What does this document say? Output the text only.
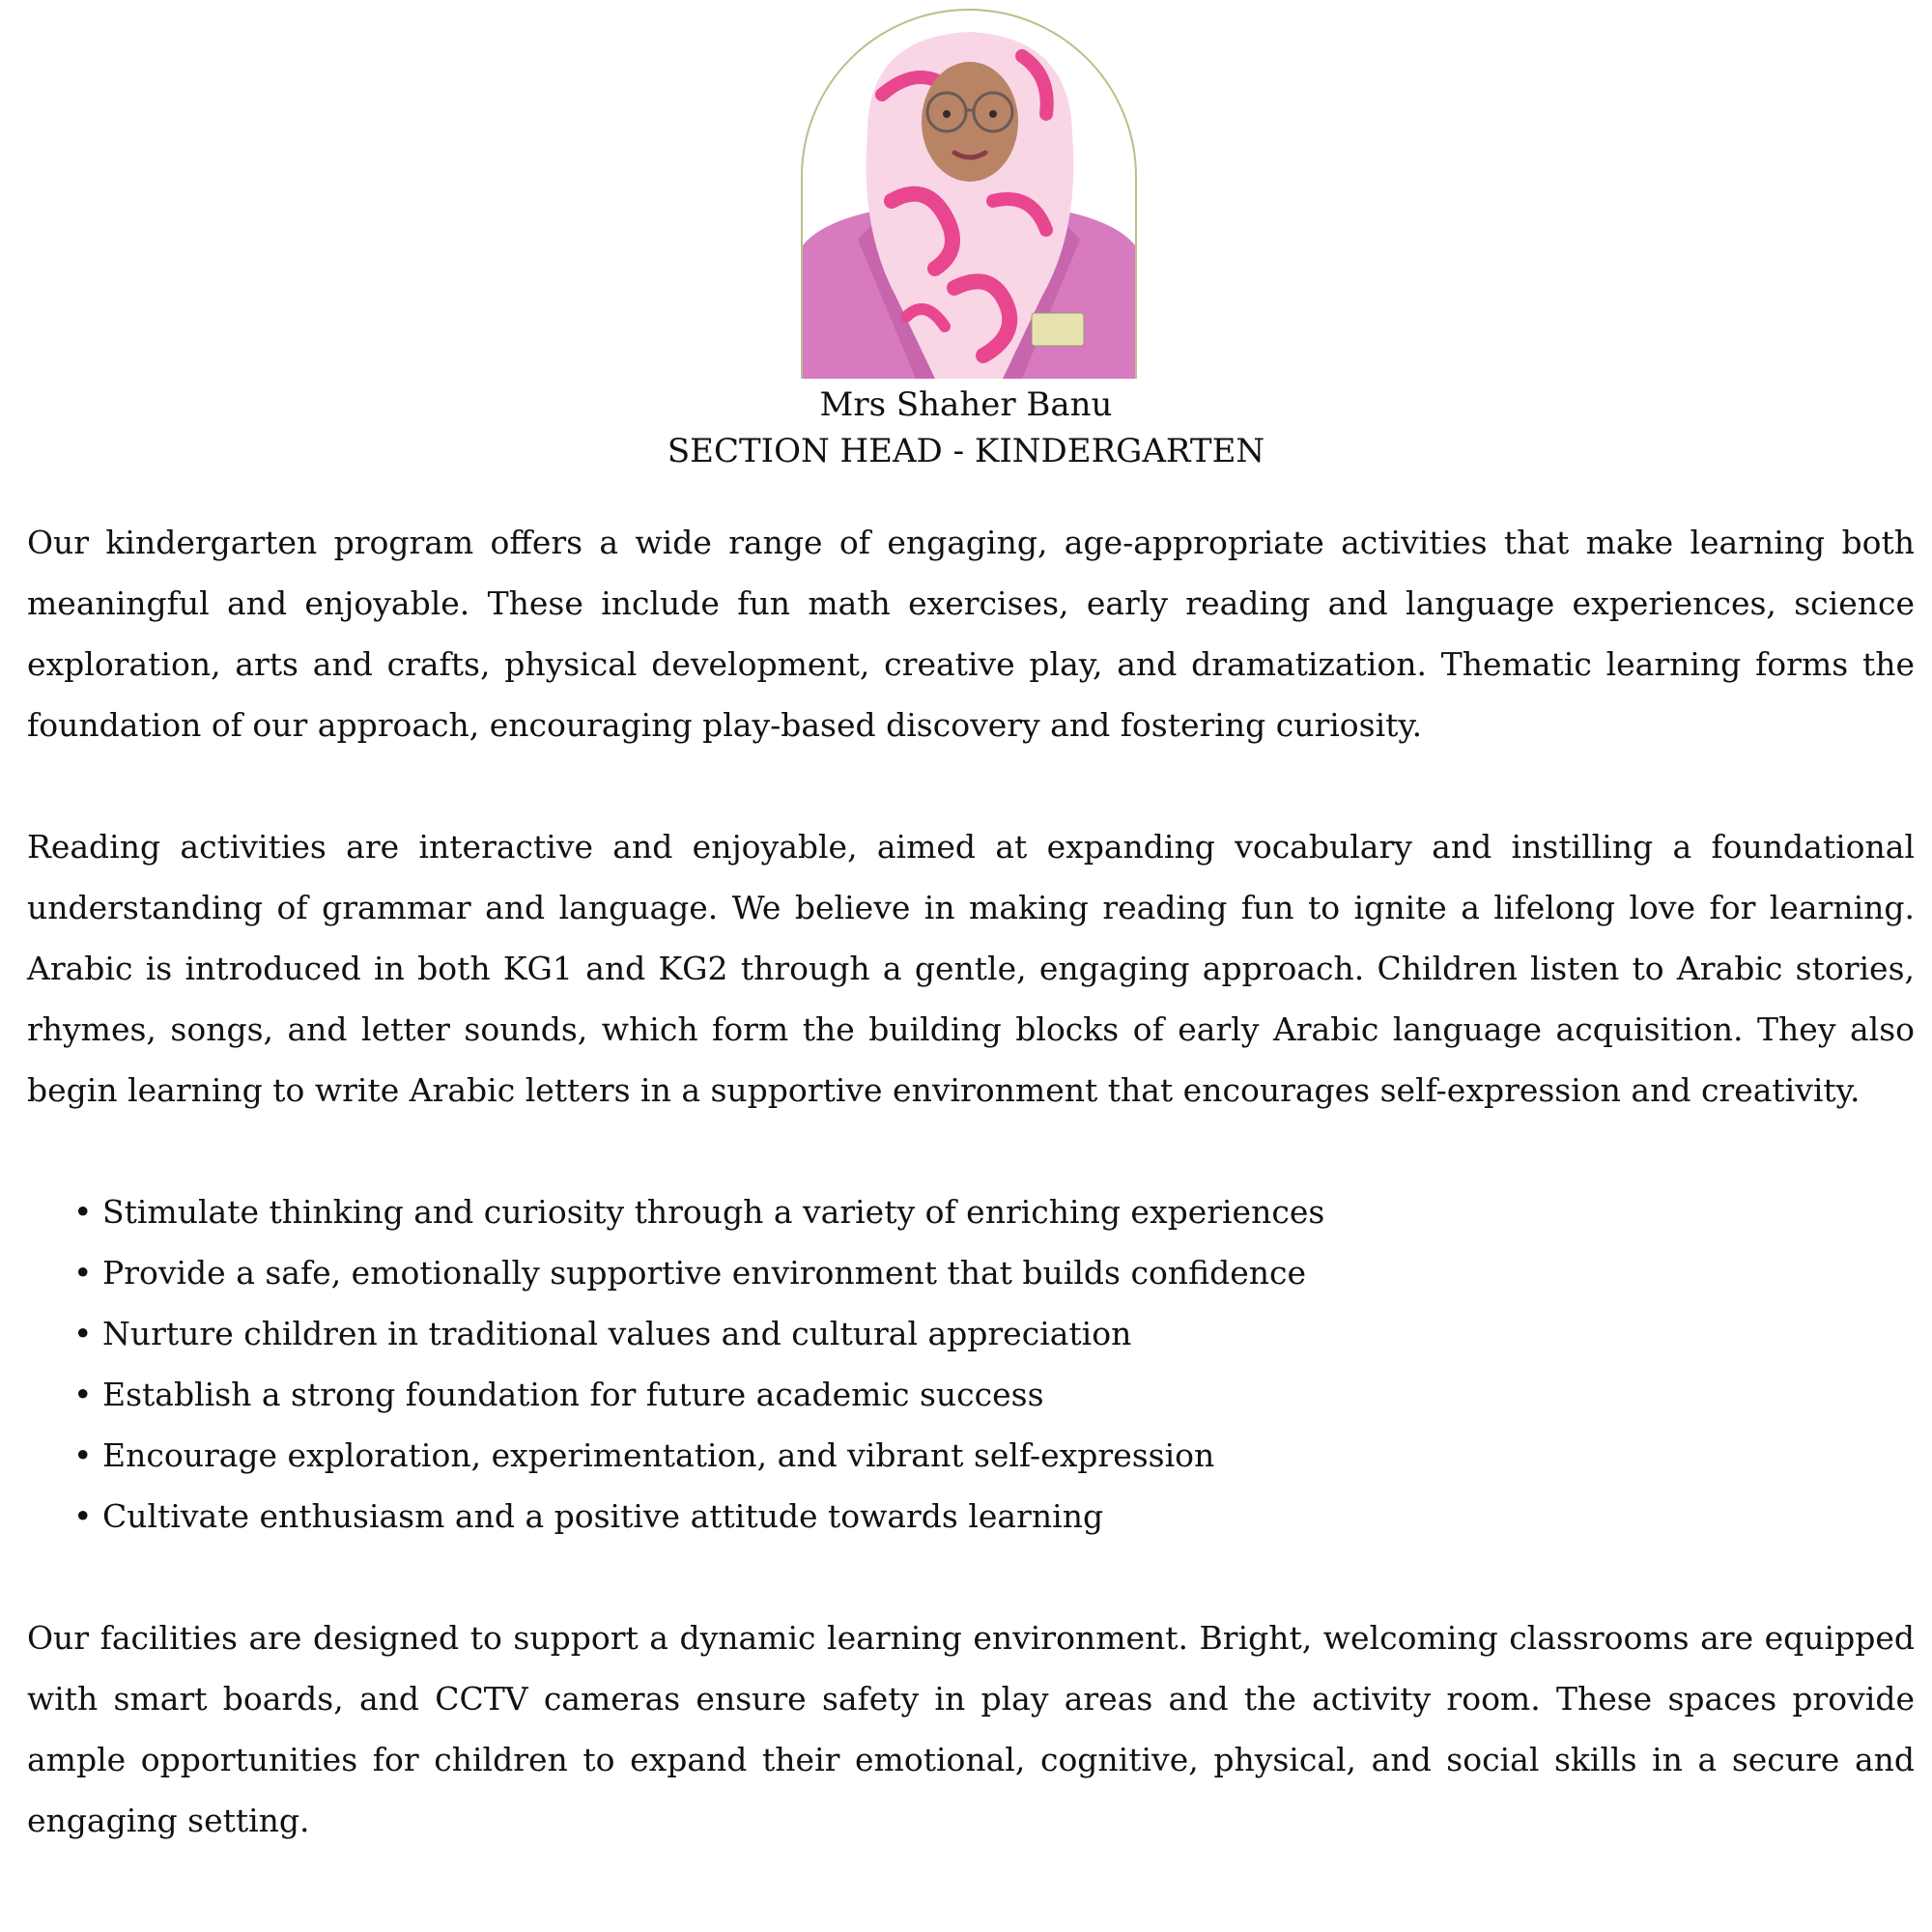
Mrs Shaher Banu
SECTION HEAD - KINDERGARTEN

Our kindergarten program offers a wide range of engaging, age-appropriate activities that make learning both meaningful and enjoyable. These include fun math exercises, early reading and language experiences, science exploration, arts and crafts, physical development, creative play, and dramatization. Thematic learning forms the foundation of our approach, encouraging play-based discovery and fostering curiosity.

Reading activities are interactive and enjoyable, aimed at expanding vocabulary and instilling a foundational understanding of grammar and language. We believe in making reading fun to ignite a lifelong love for learning. Arabic is introduced in both KG1 and KG2 through a gentle, engaging approach. Children listen to Arabic stories, rhymes, songs, and letter sounds, which form the building blocks of early Arabic language acquisition. They also begin learning to write Arabic letters in a supportive environment that encourages self-expression and creativity.

• Stimulate thinking and curiosity through a variety of enriching experiences
• Provide a safe, emotionally supportive environment that builds confidence
• Nurture children in traditional values and cultural appreciation
• Establish a strong foundation for future academic success
• Encourage exploration, experimentation, and vibrant self-expression
• Cultivate enthusiasm and a positive attitude towards learning

Our facilities are designed to support a dynamic learning environment. Bright, welcoming classrooms are equipped with smart boards, and CCTV cameras ensure safety in play areas and the activity room. These spaces provide ample opportunities for children to expand their emotional, cognitive, physical, and social skills in a secure and engaging setting.
